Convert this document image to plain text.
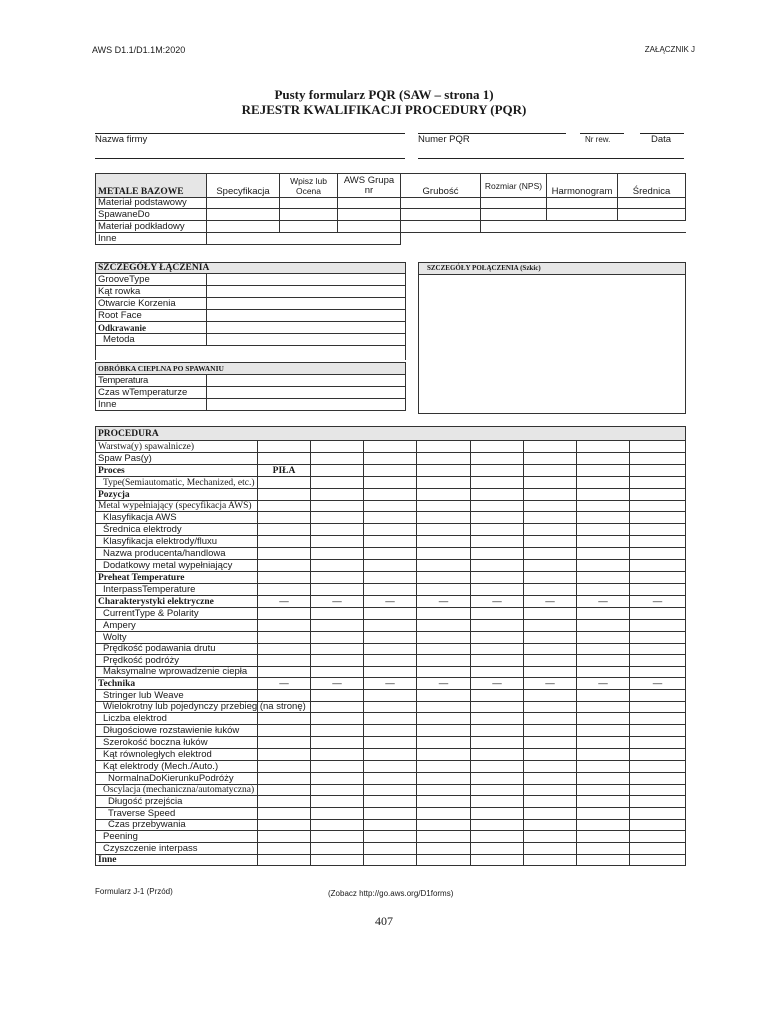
AWS D1.1/D1.1M:2020	ZAŁĄCZNIK J
Pusty formularz PQR (SAW – strona 1)
REJESTR KWALIFIKACJI PROCEDURY (PQR)
Nazwa firmy	Numer PQR	Nr rew.	Data
METALE BAZOWE	Specyfikacja	Wpisz lub Ocena	AWS Grupa nr	Grubość	Rozmiar (NPS)	Harmonogram	Średnica
Materiał podstawowy							
SpawaneDo							
Materiał podkładowy							
Inne							
SZCZEGÓŁY ŁĄCZENIA	
GrooveType	
Kąt rowka	
Otwarcie Korzenia	
Root Face	
Odkrawanie	
Metoda	

SZCZEGÓŁY POŁĄCZENIA (Szkic)
OBRÓBKA CIEPLNA PO SPAWANIU	
Temperatura	
Czas wTemperaturze	
Inne	
PROCEDURA								
Warstwa(y) spawalnicze)								
Spaw Pas(y)								
Proces	PIŁA							
Type(Semiautomatic, Mechanized, etc.)								
Pozycja								
Metal wypełniający (specyfikacja AWS)								
Klasyfikacja AWS								
Średnica elektrody								
Klasyfikacja elektrody/fluxu								
Nazwa producenta/handlowa								
Dodatkowy metal wypełniający								
Preheat Temperature								
InterpassTemperature								
Charakterystyki elektryczne	—	—	—	—	—	—	—	—
CurrentType & Polarity								
Ampery								
Wolty								
Prędkość podawania drutu								
Prędkość podróży								
Maksymalne wprowadzenie ciepła								
Technika	—	—	—	—	—	—	—	—
Stringer lub Weave								
Wielokrotny lub pojedynczy przebieg (na stronę)								
Liczba elektrod								
Długościowe rozstawienie łuków								
Szerokość boczna łuków								
Kąt równoległych elektrod								
Kąt elektrody (Mech./Auto.)								
NormalnaDoKierunkuPodróży								
Oscylacja (mechaniczna/automatyczna)								
Długość przejścia								
Traverse Speed								
Czas przebywania								
Peening								
Czyszczenie interpass								
Inne								
Formularz J-1 (Przód)	(Zobacz http://go.aws.org/D1forms)
407
